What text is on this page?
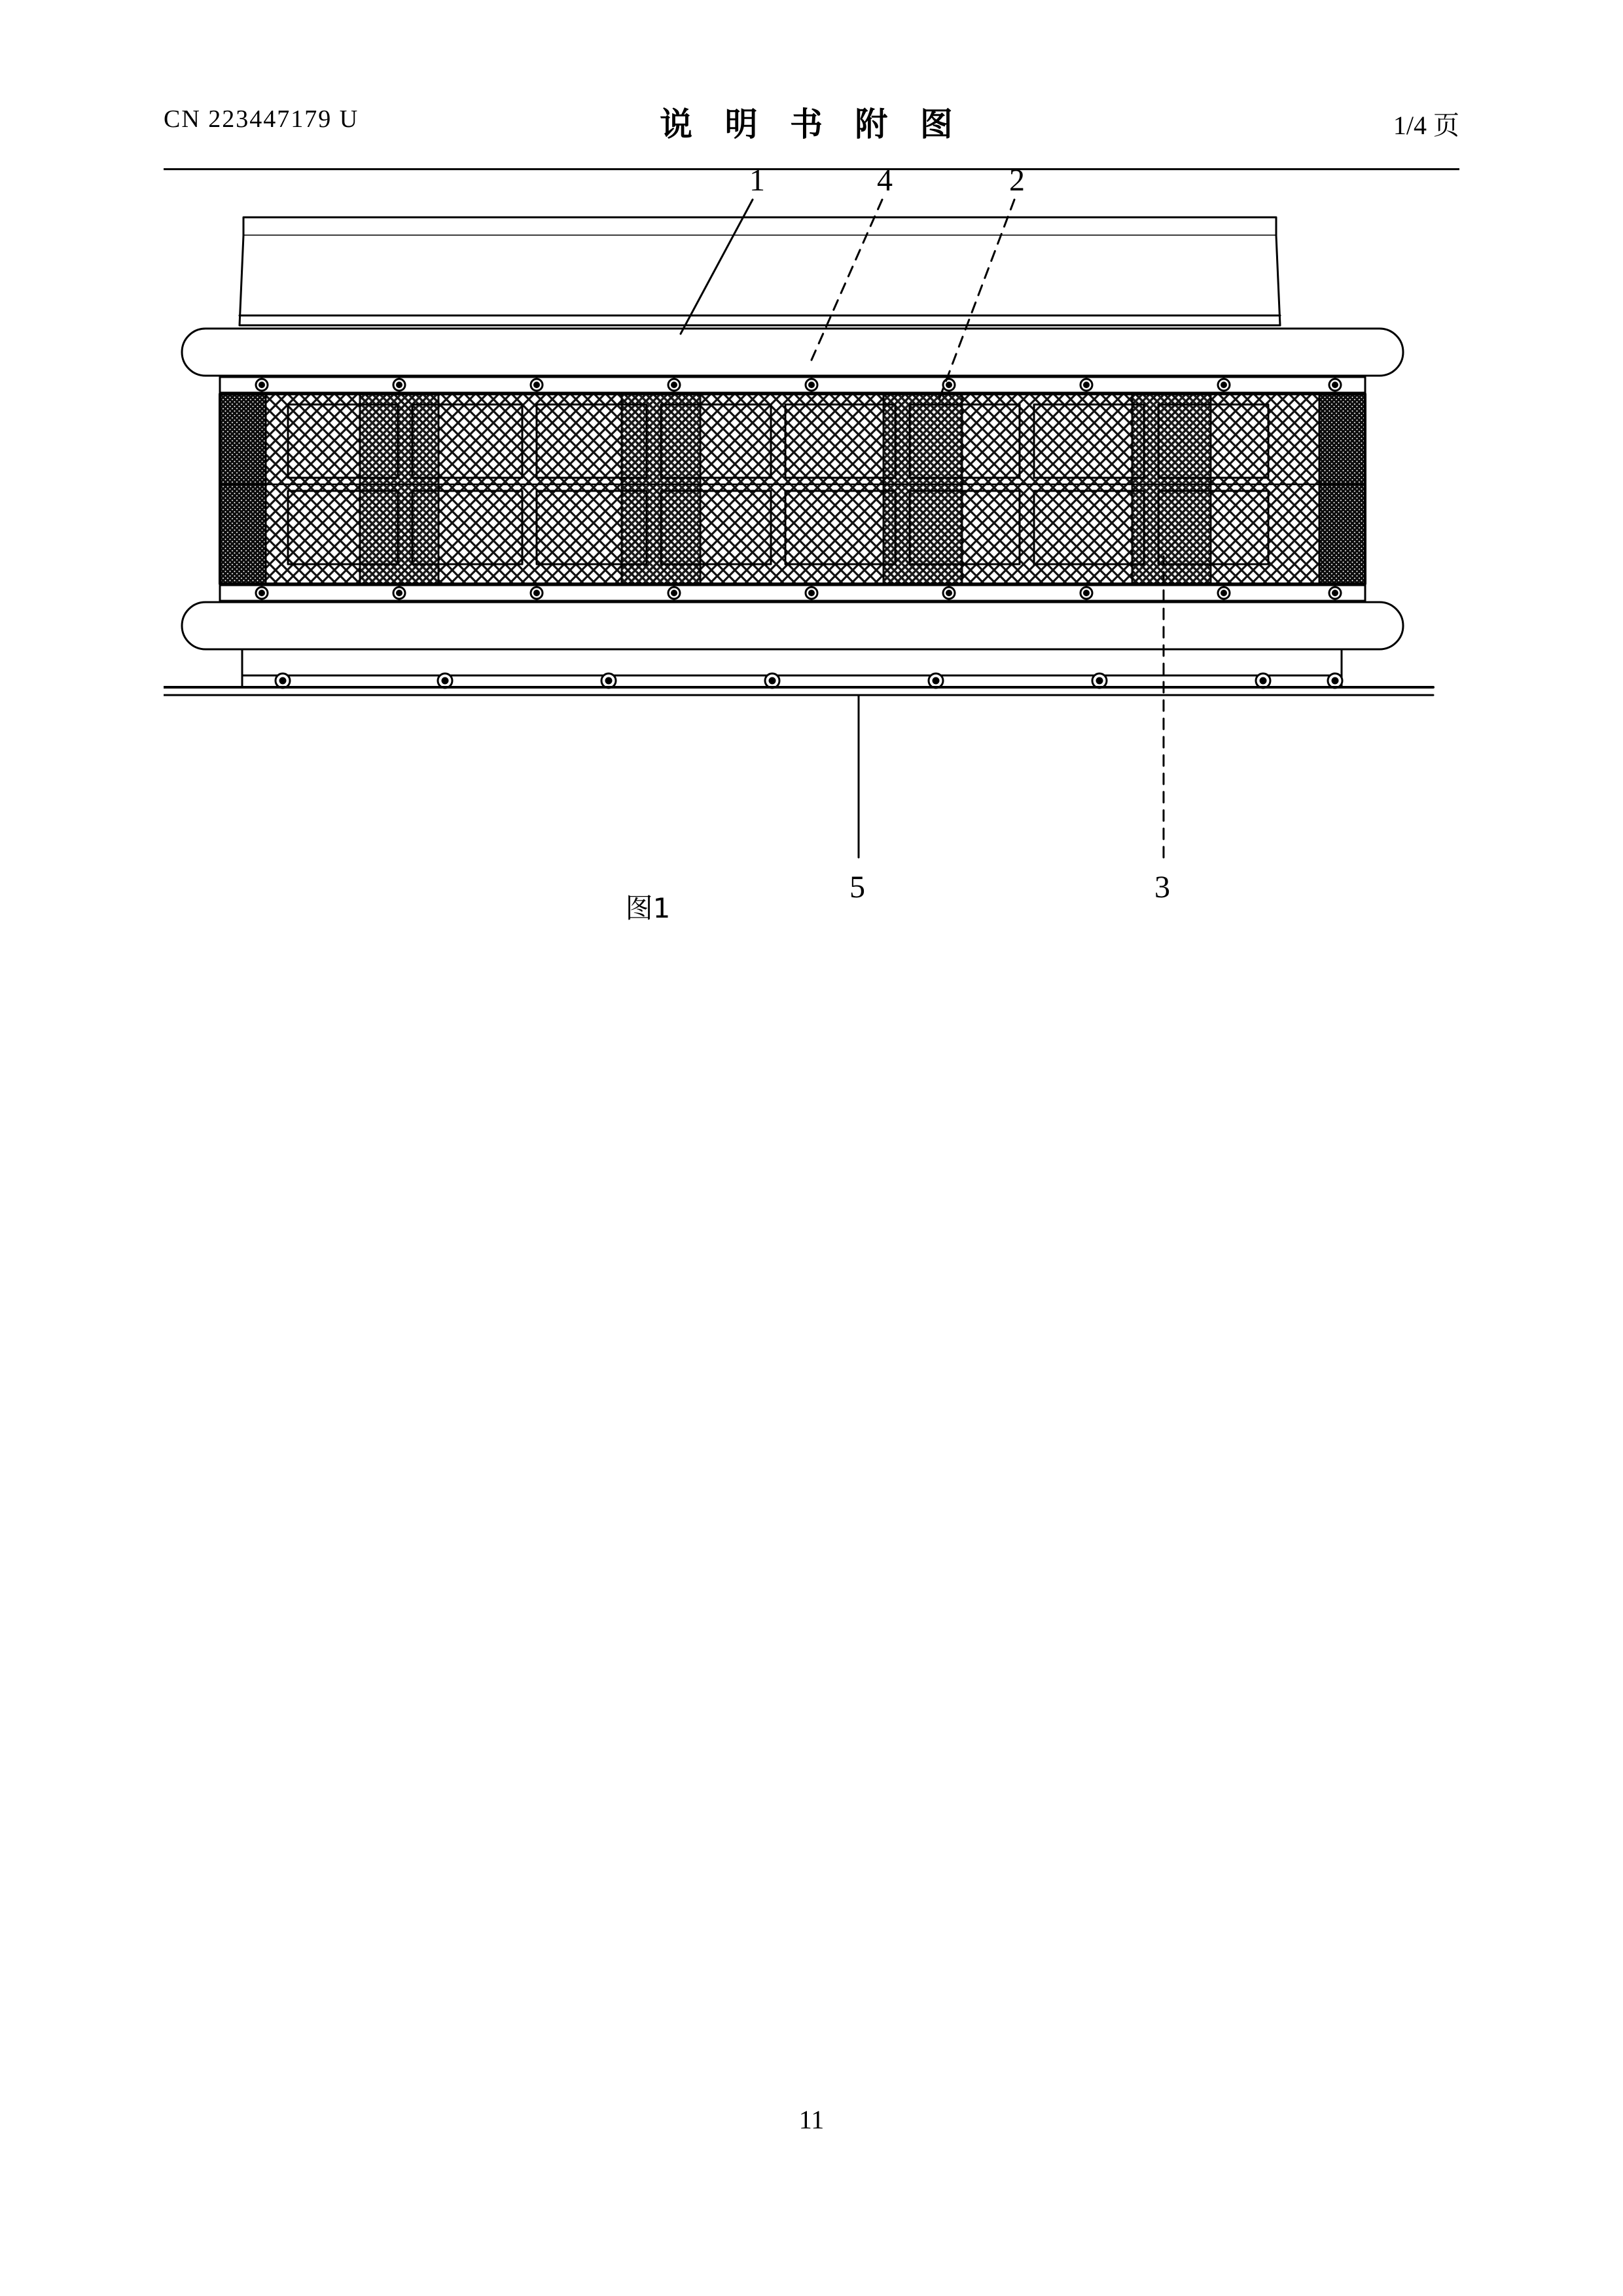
CN 223447179 U	说 明 书 附 图	1/4 页
1	4	2
5	3
图1
11
